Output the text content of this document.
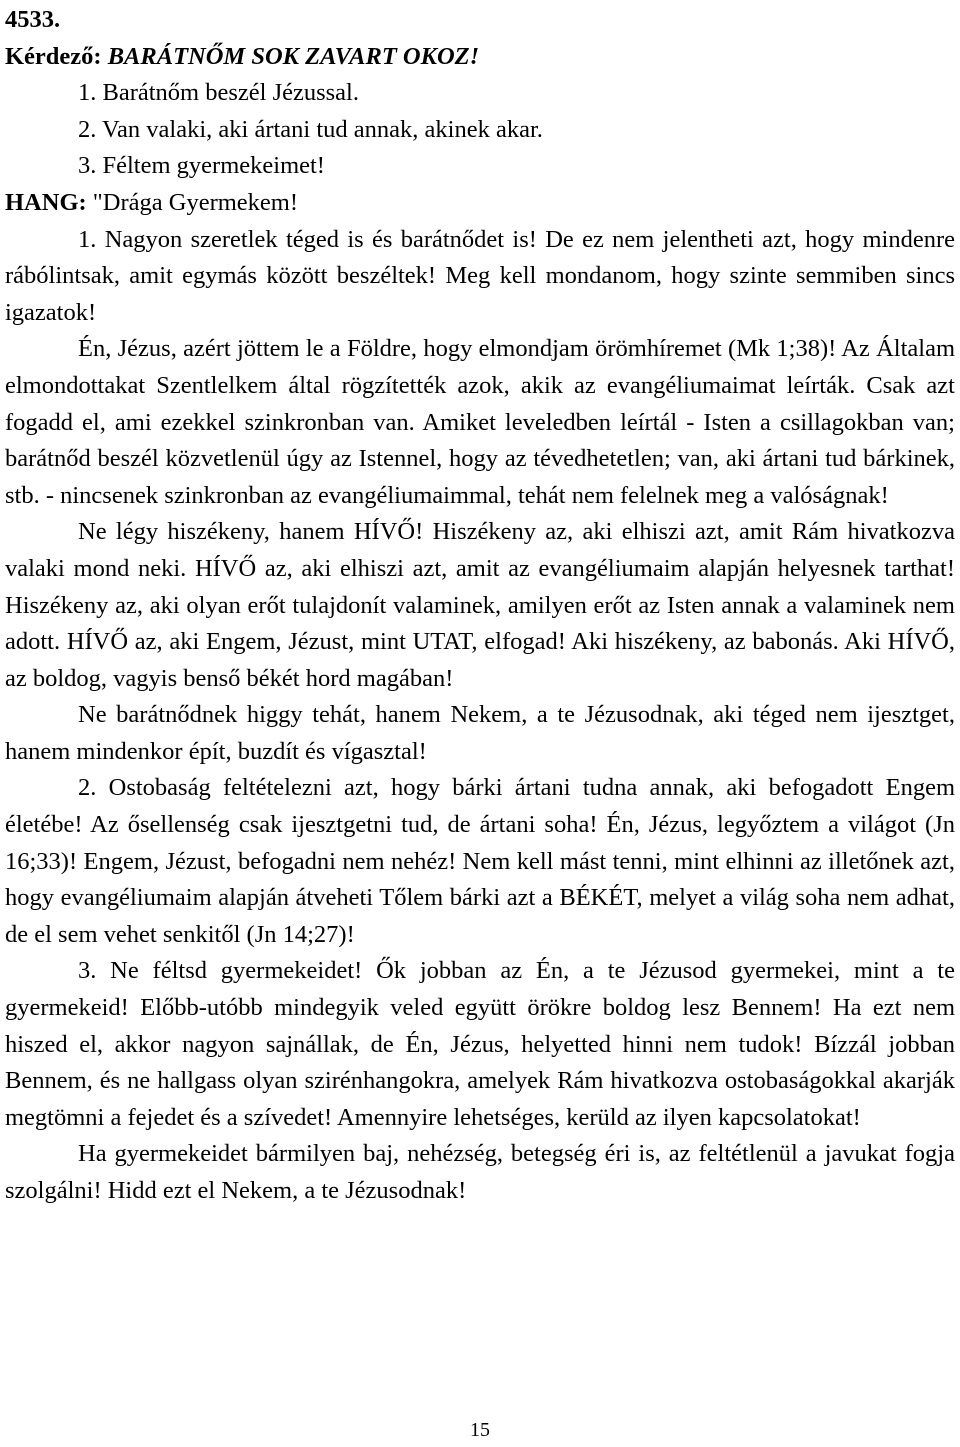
4533.
Kérdező: BARÁTNŐM SOK ZAVART OKOZ!
1. Barátnőm beszél Jézussal.
2. Van valaki, aki ártani tud annak, akinek akar.
3. Féltem gyermekeimet!
HANG: "Drága Gyermekem!

1. Nagyon szeretlek téged is és barátnődet is! De ez nem jelentheti azt, hogy mindenre rábólintsak, amit egymás között beszéltek! Meg kell mondanom, hogy szinte semmiben sincs igazatok!

Én, Jézus, azért jöttem le a Földre, hogy elmondjam örömhíremet (Mk 1;38)! Az Általam elmondottakat Szentlelkem által rögzítették azok, akik az evangéliumaimat leírták. Csak azt fogadd el, ami ezekkel szinkronban van. Amiket leveledben leírtál - Isten a csillagokban van; barátnőd beszél közvetlenül úgy az Istennel, hogy az tévedhetetlen; van, aki ártani tud bárkinek, stb. - nincsenek szinkronban az evangéliumaimmal, tehát nem felelnek meg a valóságnak!

Ne légy hiszékeny, hanem HÍVŐ! Hiszékeny az, aki elhiszi azt, amit Rám hivatkozva valaki mond neki. HÍVŐ az, aki elhiszi azt, amit az evangéliumaim alapján helyesnek tarthat! Hiszékeny az, aki olyan erőt tulajdonít valaminek, amilyen erőt az Isten annak a valaminek nem adott. HÍVŐ az, aki Engem, Jézust, mint UTAT, elfogad! Aki hiszékeny, az babonás. Aki HÍVŐ, az boldog, vagyis benső békét hord magában!

Ne barátnődnek higgy tehát, hanem Nekem, a te Jézusodnak, aki téged nem ijesztget, hanem mindenkor épít, buzdít és vígasztal!

2. Ostobaság feltételezni azt, hogy bárki ártani tudna annak, aki befogadott Engem életébe! Az ősellenség csak ijesztgetni tud, de ártani soha! Én, Jézus, legyőztem a világot (Jn 16;33)! Engem, Jézust, befogadni nem nehéz! Nem kell mást tenni, mint elhinni az illetőnek azt, hogy evangéliumaim alapján átveheti Tőlem bárki azt a BÉKÉT, melyet a világ soha nem adhat, de el sem vehet senkitől (Jn 14;27)!

3. Ne féltsd gyermekeidet! Ők jobban az Én, a te Jézusod gyermekei, mint a te gyermekeid! Előbb-utóbb mindegyik veled együtt örökre boldog lesz Bennem! Ha ezt nem hiszed el, akkor nagyon sajnállak, de Én, Jézus, helyetted hinni nem tudok! Bízzál jobban Bennem, és ne hallgass olyan szirénhangokra, amelyek Rám hivatkozva ostobaságokkal akarják megtömni a fejedet és a szívedet! Amennyire lehetséges, kerüld az ilyen kapcsolatokat!

Ha gyermekeidet bármilyen baj, nehézség, betegség éri is, az feltétlenül a javukat fogja szolgálni! Hidd ezt el Nekem, a te Jézusodnak!

15
